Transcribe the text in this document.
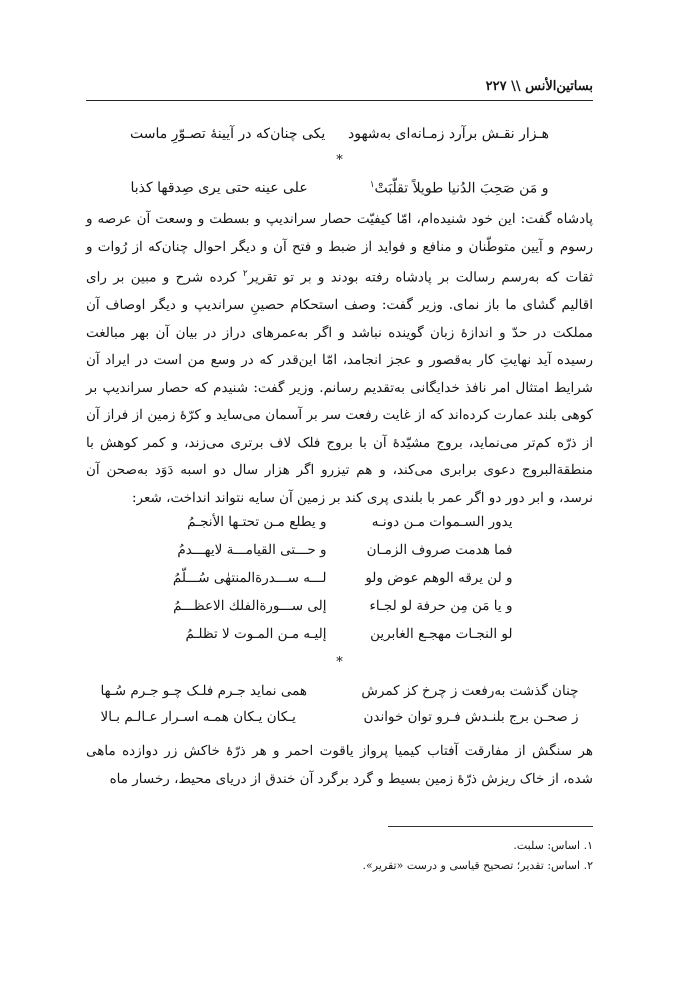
بساتین‌الأنس \\ ۲۲۷
هـزار نقـش برآرد زمـانه‌ای به‌شهود
یکی چنان‌که در آیینهٔ تصـوّرِ ماست
*
و مَن صَحِبَ الدُنیا طویلاً تقلّبَتْ$^۱$
علی عینه حتی یری صِدقها کذبا

پادشاه گفت: این خود شنیده‌ام، امّا کیفیّت حصار سراندیپ و بسطت و وسعت آن عرصه و رسوم و آیین متوطّنان و منافع و فواید از ضبط و فتح آن و دیگر احوال چنان‌که از رُوات و ثقات که به‌رسم رسالت بر پادشاه رفته بودند و بر تو تقریر$^۲$ کرده شرح و مبین بر رای اقالیم گشای ما باز نمای. وزیر گفت: وصف استحکام حصینِ سراندیپ و دیگر اوصاف آن مملکت در حدّ و اندازهٔ زبان گوینده نباشد و اگر به‌عمرهای دراز در بیان آن بهر مبالغت رسیده آید نهایتِ کار به‌قصور و عجز انجامد، امّا این‌قدر که در وسع من است در ایراد آن شرایط امتثال امر نافذ خدایگانی به‌تقدیم رسانم. وزیر گفت: شنیدم که حصار سراندیپ بر کوهی بلند عمارت کرده‌اند که از غایت رفعت سر بر آسمان می‌ساید و کرّهٔ زمین از فراز آن از ذرّه کم‌تر می‌نماید، بروج مشیّدهٔ آن با بروج فلک لاف برتری می‌زند، و کمر کوهش با منطقةالبروج دعوی برابری می‌کند، و هم تیزرو اگر هزار سال دو اسبه دَوَد به‌صحن آن نرسد، و ابر دور دو اگر عمر با بلندی پری کند بر زمین آن سایه نتواند انداخت، شعر:

یدور السـموات مـن دونـه
و یطلع مـن تحتـها الأنجـمُ
فما هدمت صروف الزمـان
و حـــتی القیامـــة لایهـــدمُ
و لن یرقه الوهم عوض ولو
لـــه ســـدرةالمنتهٰی سُـــلّمُ
و یا مَن مِن حرفة لو لجـاء
إلی ســـورةالفلك الاعظـــمُ
لو النجـات مهجـع الغابرین
إلیـه مـن المـوت لا تظلـمُ
*
چنان گذشت به‌رفعت ز چرخ کز کمرش
همی نماید جـرم فلـک چـو جـرم سُـها
ز صحـن برج بلنـدش فـرو توان خواندن
یـکان یـکان همـه اسـرار عـالـم بـالا

هر سنگش از مفارقت آفتاب کیمیا پرواز یاقوت احمر و هر ذرّهٔ خاکش زر دوازده ماهی شده، از خاک ریزش ذرّهٔ زمین بسیط و گرد برگرد آن خندق از دریای محیط، رخسار ماه

۱. اساس: سلبت.
۲. اساس: تقدیر؛ تصحیح قیاسی و درست «تقریر».
